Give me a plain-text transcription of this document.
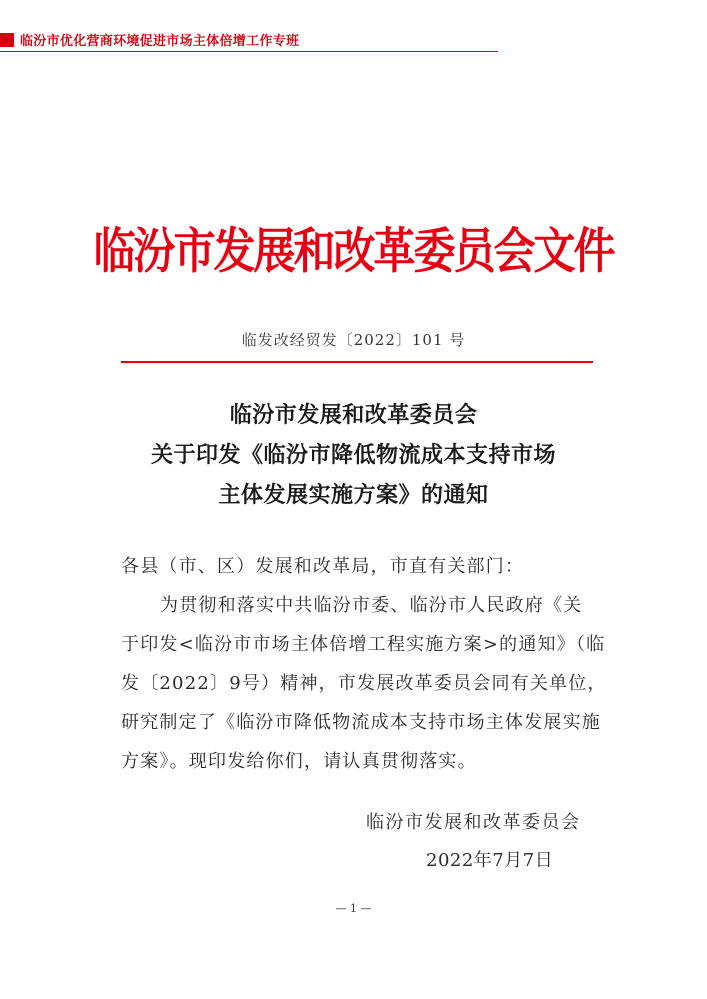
临汾市优化营商环境促进市场主体倍增工作专班
临汾市发展和改革委员会文件
临发改经贸发〔2022〕101 号
临汾市发展和改革委员会
关于印发《临汾市降低物流成本支持市场
主体发展实施方案》的通知
各县（市、区）发展和改革局，市直有关部门：
为贯彻和落实中共临汾市委、临汾市人民政府《关
于印发<临汾市市场主体倍增工程实施方案>的通知》（临
发〔2022〕9号）精神，市发展改革委员会同有关单位，
研究制定了《临汾市降低物流成本支持市场主体发展实施
方案》。现印发给你们，请认真贯彻落实。
临汾市发展和改革委员会
2022年7月7日
— 1 —
